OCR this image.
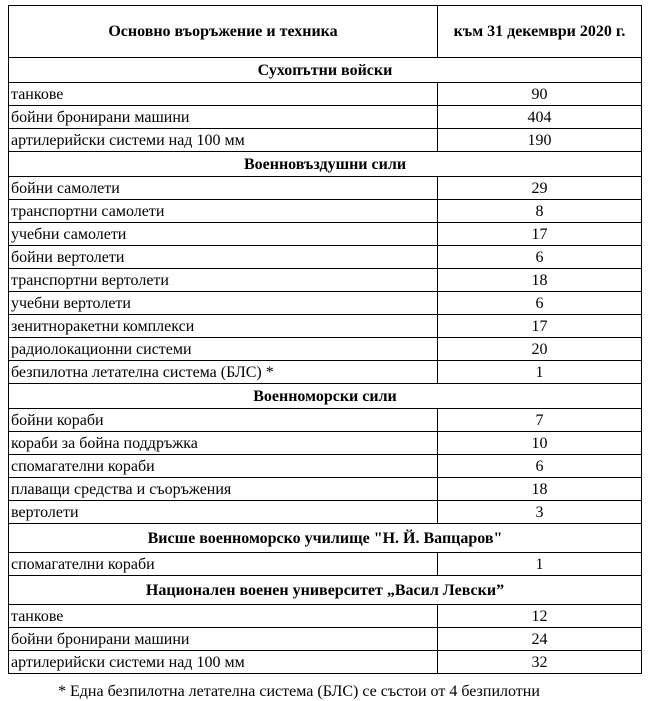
Основно въоръжение и техника	към 31 декември 2020 г.
Сухопътни войски	
танкове	90
бойни бронирани машини	404
артилерийски системи над 100 мм	190
Военновъздушни сили	
бойни самолети	29
транспортни самолети	8
учебни самолети	17
бойни вертолети	6
транспортни вертолети	18
учебни вертолети	6
зенитноракетни комплекси	17
радиолокационни системи	20
безпилотна летателна система (БЛС) *	1
Военноморски сили	
бойни кораби	7
кораби за бойна поддръжка	10
спомагателни кораби	6
плаващи средства и съоръжения	18
вертолети	3
Висше военноморско училище "Н. Й. Вапцаров"	
спомагателни кораби	1
Национален военен университет „Васил Левски”	
танкове	12
бойни бронирани машини	24
артилерийски системи над 100 мм	32
* Една безпилотна летателна система (БЛС) се състои от 4 безпилотни
